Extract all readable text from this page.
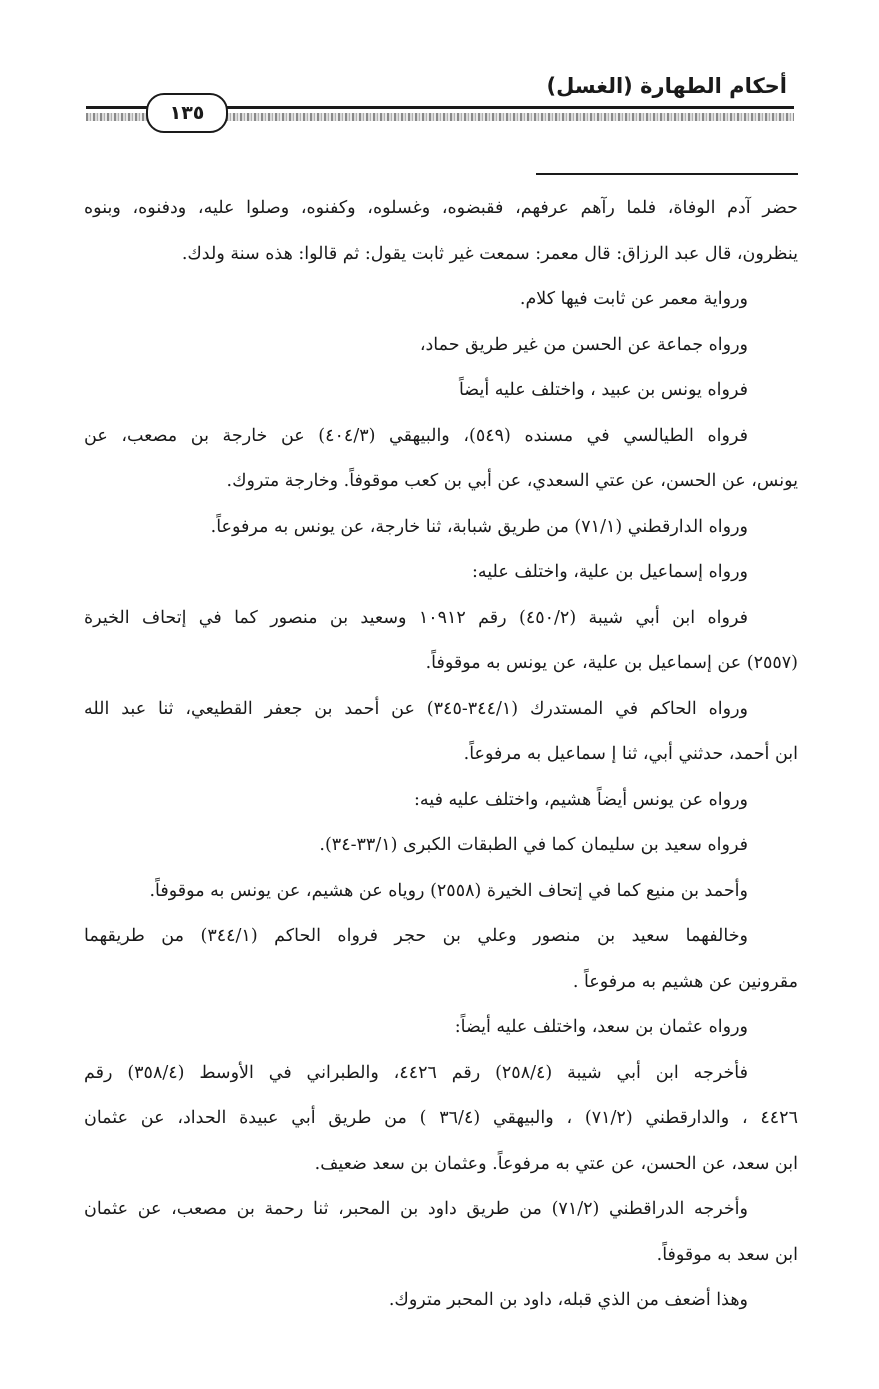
أحكام الطهارة (الغسل)
١٣٥
حضر آدم الوفاة، فلما رآهم عرفهم، فقبضوه، وغسلوه، وكفنوه، وصلوا عليه، ودفنوه، وبنوه
ينظرون، قال عبد الرزاق: قال معمر: سمعت غير ثابت يقول: ثم قالوا: هذه سنة ولدك.
ورواية معمر عن ثابت فيها كلام.
ورواه جماعة عن الحسن من غير طريق حماد،
فرواه يونس بن عبيد ، واختلف عليه أيضاً
فرواه الطيالسي في مسنده (٥٤٩)، والبيهقي (٤٠٤/٣) عن خارجة بن مصعب، عن
يونس، عن الحسن، عن عتي السعدي، عن أبي بن كعب موقوفاً. وخارجة متروك.
ورواه الدارقطني (٧١/١) من طريق شبابة، ثنا خارجة، عن يونس به مرفوعاً.
ورواه إسماعيل بن علية، واختلف عليه:
فرواه ابن أبي شيبة (٤٥٠/٢) رقم ١٠٩١٢ وسعيد بن منصور كما في إتحاف الخيرة
(٢٥٥٧) عن إسماعيل بن علية، عن يونس به موقوفاً.
ورواه الحاكم في المستدرك (٣٤٤/١-٣٤٥) عن أحمد بن جعفر القطيعي، ثنا عبد الله
ابن أحمد، حدثني أبي، ثنا إ سماعيل به مرفوعاً.
ورواه عن يونس أيضاً هشيم، واختلف عليه فيه:
فرواه سعيد بن سليمان كما في الطبقات الكبرى (٣٣/١-٣٤).
وأحمد بن منيع كما في إتحاف الخيرة (٢٥٥٨) روياه عن هشيم، عن يونس به موقوفاً.
وخالفهما سعيد بن منصور وعلي بن حجر فرواه الحاكم (٣٤٤/١) من طريقهما
مقرونين عن هشيم به مرفوعاً .
ورواه عثمان بن سعد، واختلف عليه أيضاً:
فأخرجه ابن أبي شيبة (٢٥٨/٤) رقم ٤٤٢٦، والطبراني في الأوسط (٣٥٨/٤) رقم
٤٤٢٦ ، والدارقطني (٧١/٢) ، والبيهقي (٣٦/٤ ) من طريق أبي عبيدة الحداد، عن عثمان
ابن سعد، عن الحسن، عن عتي به مرفوعاً. وعثمان بن سعد ضعيف.
وأخرجه الدراقطني (٧١/٢) من طريق داود بن المحبر، ثنا رحمة بن مصعب، عن عثمان
ابن سعد به موقوفاً.
وهذا أضعف من الذي قبله، داود بن المحبر متروك.
